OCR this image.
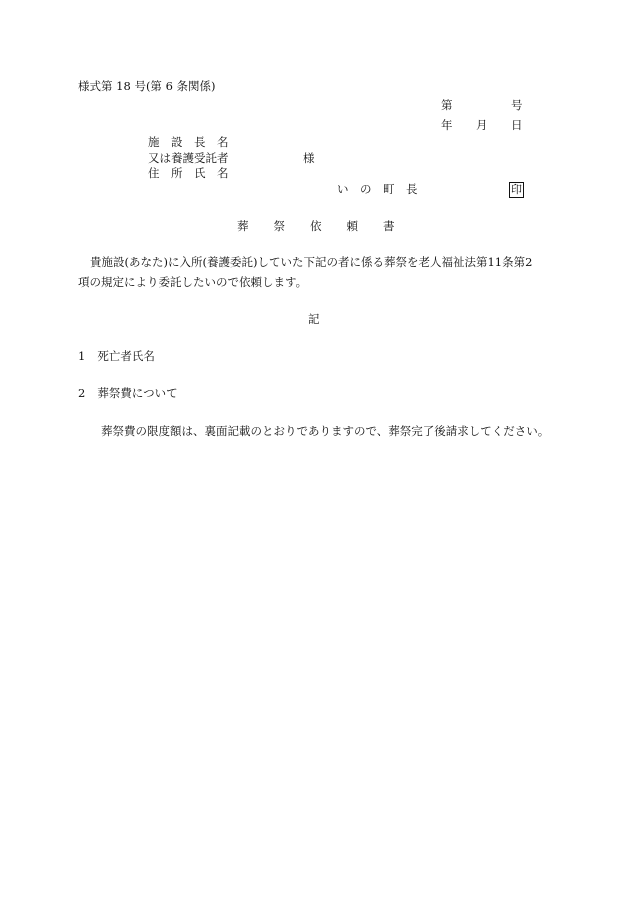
様式第 18 号(第 6 条関係)
第	号
年 月 日
施　設　長　名
又は養護受託者	様
住　所　氏　名
い　の　町　長	印
葬 祭 依 頼 書
貴施設(あなた)に入所(養護委託)していた下記の者に係る葬祭を老人福祉法第11条第2
項の規定により委託したいので依頼します。
記
1 死亡者氏名
2 葬祭費について
葬祭費の限度額は、裏面記載のとおりでありますので、葬祭完了後請求してください。
